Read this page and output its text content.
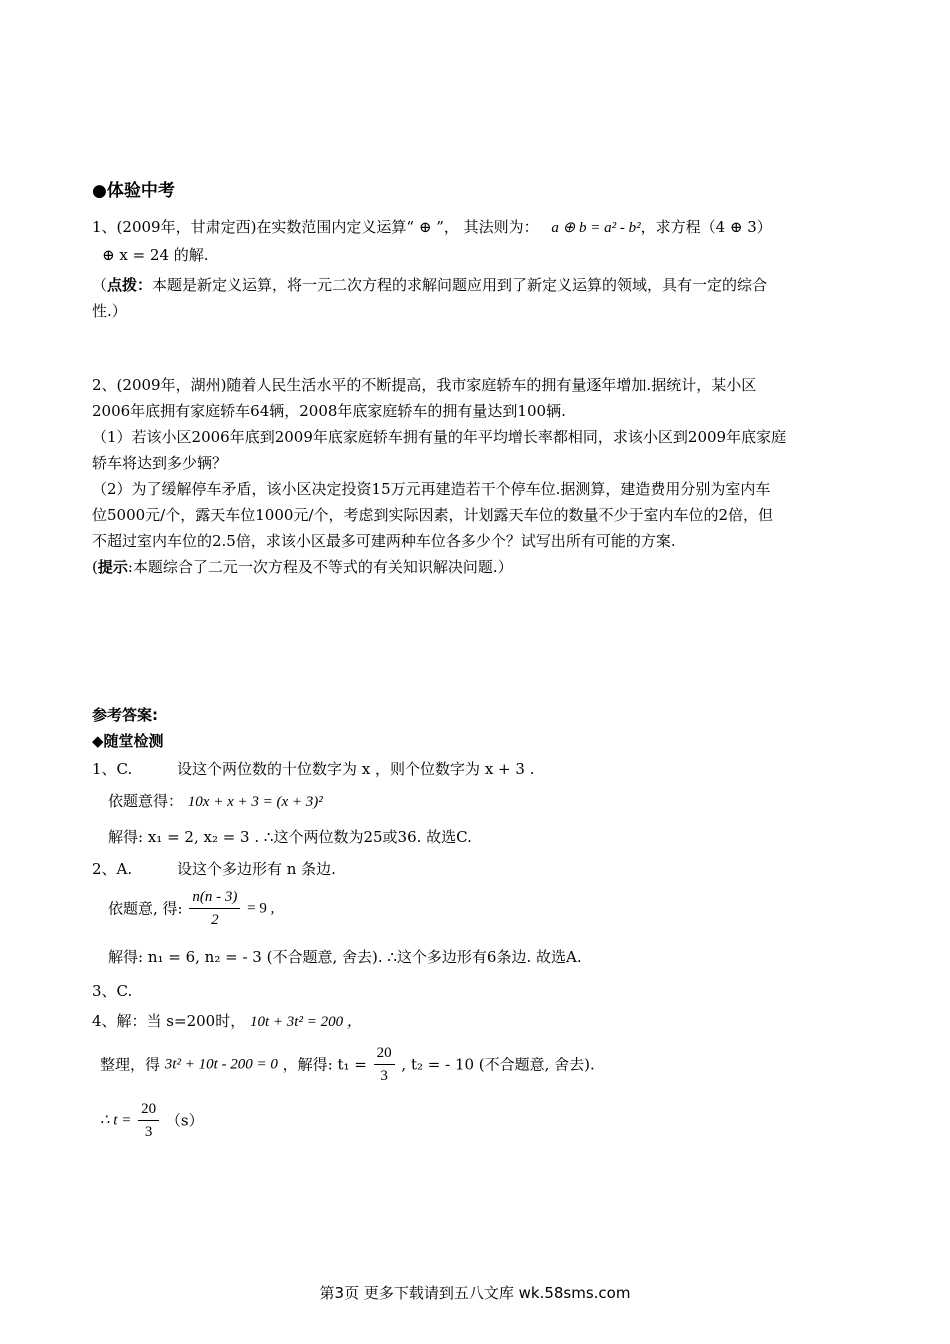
●体验中考
1、(2009年，甘肃定西)在实数范围内定义运算“ ⊕ ”， 其法则为： a ⊕ b = a² - b²，求方程（4 ⊕ 3）
⊕ x = 24 的解.
（点拨：本题是新定义运算，将一元二次方程的求解问题应用到了新定义运算的领域，具有一定的综合
性.）
2、(2009年，湖州)随着人民生活水平的不断提高，我市家庭轿车的拥有量逐年增加.据统计，某小区
2006年底拥有家庭轿车64辆，2008年底家庭轿车的拥有量达到100辆.
（1）若该小区2006年底到2009年底家庭轿车拥有量的年平均增长率都相同，求该小区到2009年底家庭
轿车将达到多少辆？
（2）为了缓解停车矛盾，该小区决定投资15万元再建造若干个停车位.据测算，建造费用分别为室内车
位5000元/个，露天车位1000元/个，考虑到实际因素，计划露天车位的数量不少于室内车位的2倍，但
不超过室内车位的2.5倍，求该小区最多可建两种车位各多少个？试写出所有可能的方案.
(提示:本题综合了二元一次方程及不等式的有关知识解决问题.）
参考答案:
◆随堂检测
1、C.	设这个两位数的十位数字为 x ，则个位数字为 x + 3 .
依题意得： 10x + x + 3 = (x + 3)²
解得: x₁ = 2, x₂ = 3 . ∴这个两位数为25或36. 故选C.
2、A.	设这个多边形有 n 条边.
依题意, 得: $\frac{n(n - 3)}{2} = 9$ ,
解得: n₁ = 6, n₂ = - 3 (不合题意, 舍去). ∴这个多边形有6条边. 故选A.
3、C.
4、解：当 s=200时， 10t + 3t² = 200 ，
整理，得 3t² + 10t - 200 = 0 ，解得: $t_1 = \frac{20}{3}$ , t₂ = - 10 (不合题意, 舍去).
∴ $t = \frac{20}{3} (s)$
第3页 更多下载请到五八文库 wk.58sms.com
